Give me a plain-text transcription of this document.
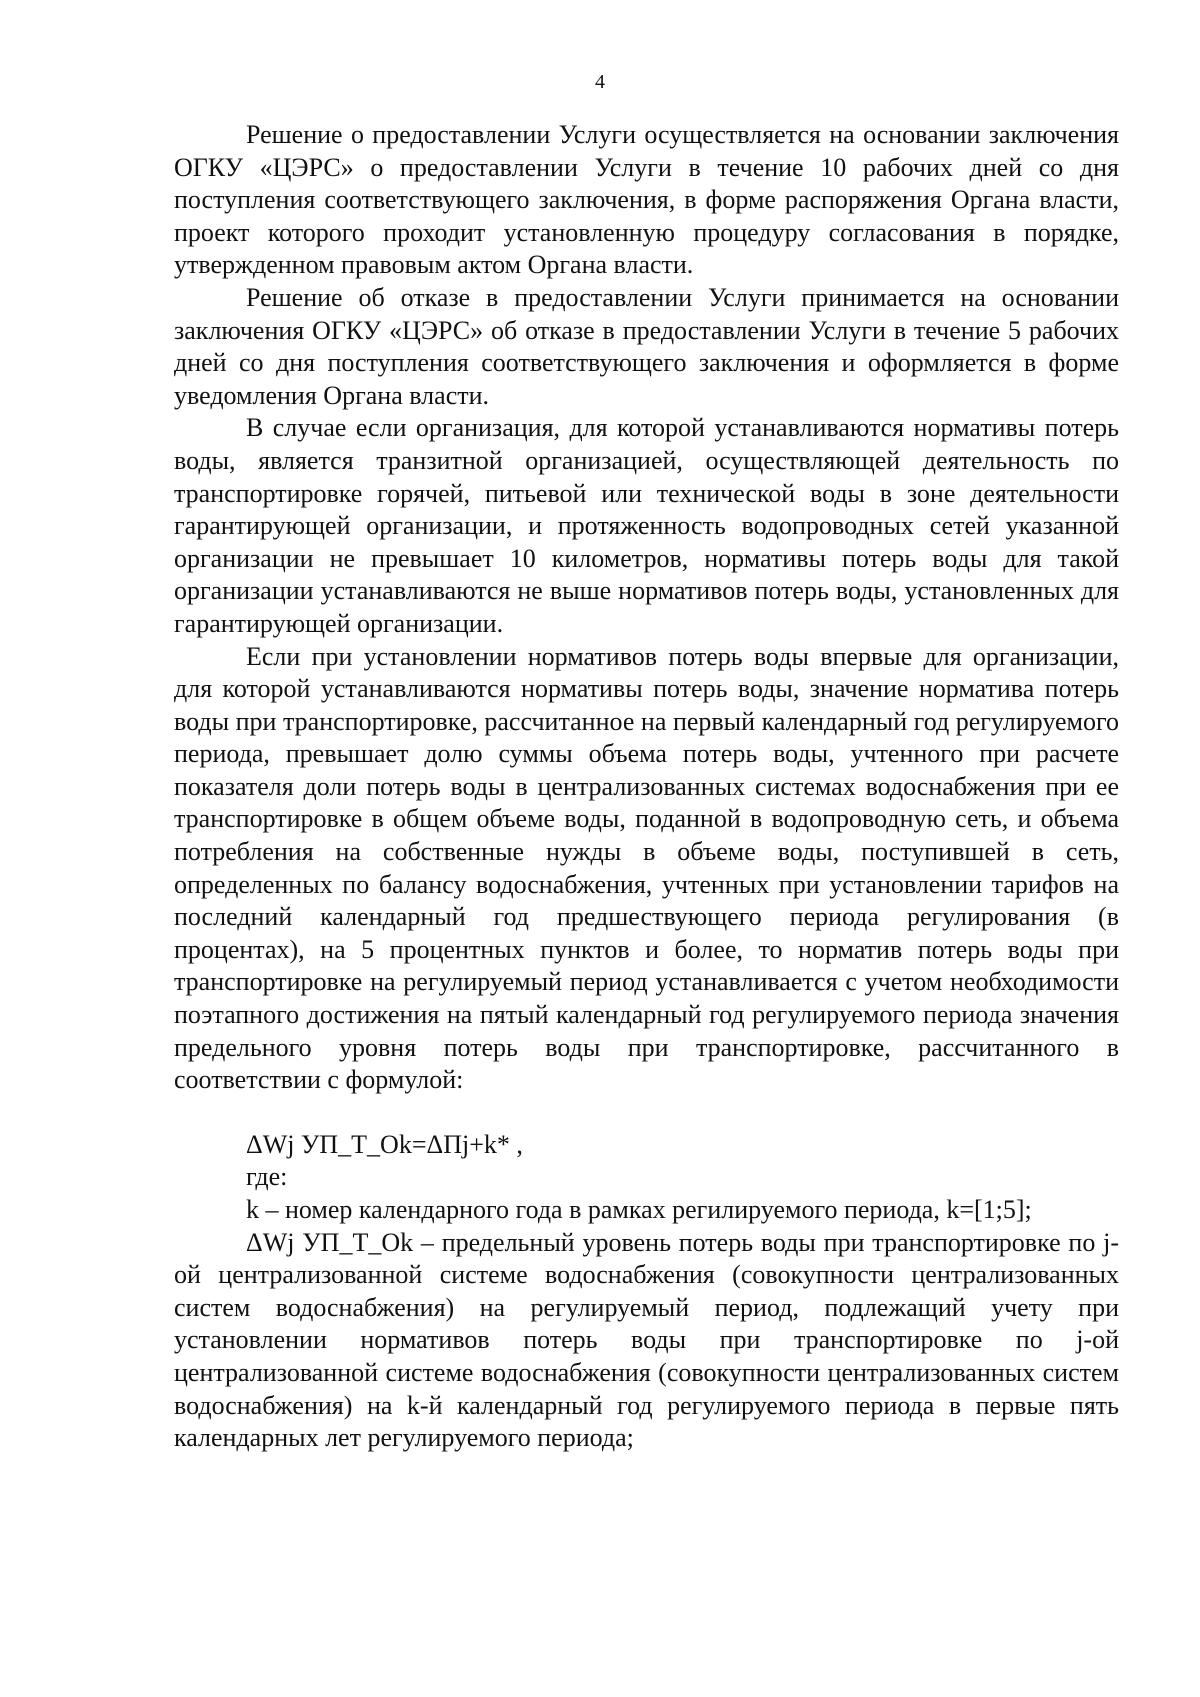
4

Решение о предоставлении Услуги осуществляется на основании заключения ОГКУ «ЦЭРС» о предоставлении Услуги в течение 10 рабочих дней со дня поступления соответствующего заключения, в форме распоряжения Органа власти, проект которого проходит установленную процедуру согласования в порядке, утвержденном правовым актом Органа власти.

Решение об отказе в предоставлении Услуги принимается на основании заключения ОГКУ «ЦЭРС» об отказе в предоставлении Услуги в течение 5 рабочих дней со дня поступления соответствующего заключения и оформляется в форме уведомления Органа власти.

В случае если организация, для которой устанавливаются нормативы потерь воды, является транзитной организацией, осуществляющей деятельность по транспортировке горячей, питьевой или технической воды в зоне деятельности гарантирующей организации, и протяженность водопроводных сетей указанной организации не превышает 10 километров, нормативы потерь воды для такой организации устанавливаются не выше нормативов потерь воды, установленных для гарантирующей организации.

Если при установлении нормативов потерь воды впервые для организации, для которой устанавливаются нормативы потерь воды, значение норматива потерь воды при транспортировке, рассчитанное на первый календарный год регулируемого периода, превышает долю суммы объема потерь воды, учтенного при расчете показателя доли потерь воды в централизованных системах водоснабжения при ее транспортировке в общем объеме воды, поданной в водопроводную сеть, и объема потребления на собственные нужды в объеме воды, поступившей в сеть, определенных по балансу водоснабжения, учтенных при установлении тарифов на последний календарный год предшествующего периода регулирования (в процентах), на 5 процентных пунктов и более, то норматив потерь воды при транспортировке на регулируемый период устанавливается с учетом необходимости поэтапного достижения на пятый календарный год регулируемого периода значения предельного уровня потерь воды при транспортировке, рассчитанного в соответствии с формулой:

ΔWj УП_Т_Ok=ΔПj+k* ,

где:

k – номер календарного года в рамках регилируемого периода, k=[1;5];

ΔWj УП_Т_Ok – предельный уровень потерь воды при транспортировке по j-ой централизованной системе водоснабжения (совокупности централизованных систем водоснабжения) на регулируемый период, подлежащий учету при установлении нормативов потерь воды при транспортировке по j-ой централизованной системе водоснабжения (совокупности централизованных систем водоснабжения) на k-й календарный год регулируемого периода в первые пять календарных лет регулируемого периода;
